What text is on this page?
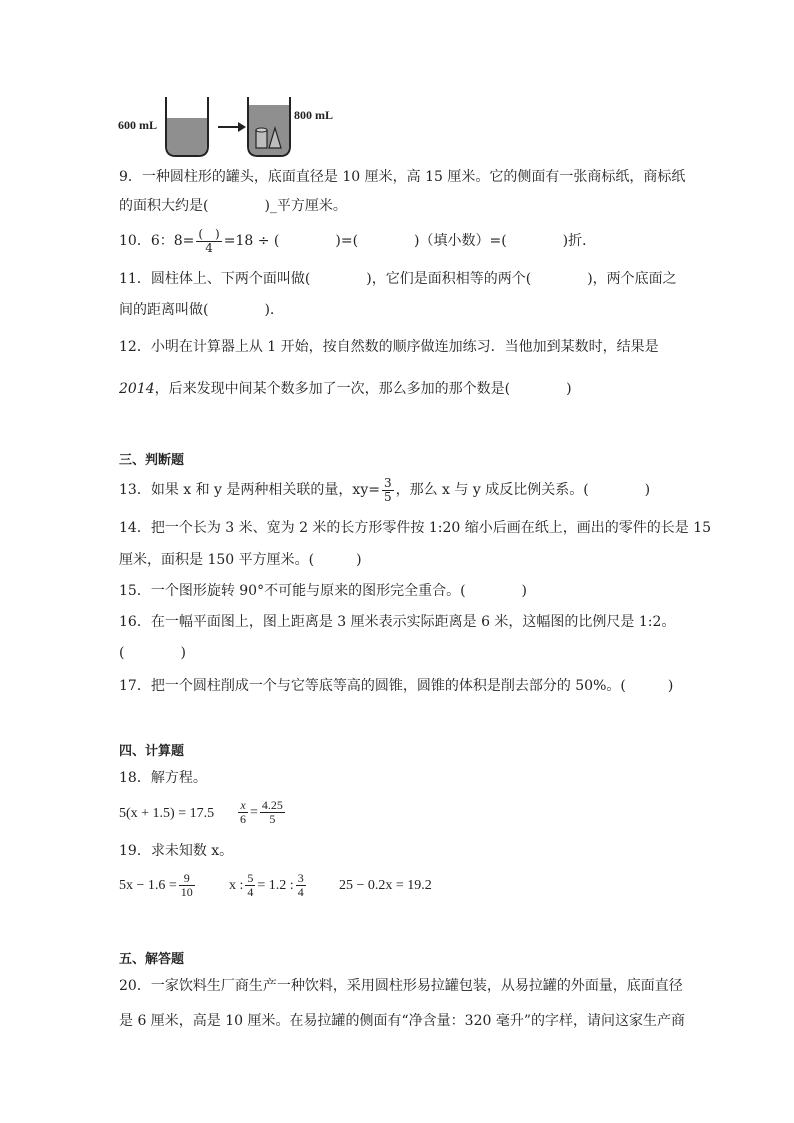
600 mL
800 mL
9．一种圆柱形的罐头，底面直径是 10 厘米，高 15 厘米。它的侧面有一张商标纸，商标纸
的面积大约是(　　　　)_平方厘米。
10．6：$8= \frac{( )}{4} =18$ ÷ (　　　　)=(　　　　)（填小数）=(　　　　)折．
11．圆柱体上、下两个面叫做(　　　　)，它们是面积相等的两个(　　　　)，两个底面之
间的距离叫做(　　　　).
12．小明在计算器上从 1 开始，按自然数的顺序做连加练习．当他加到某数时，结果是
2014，后来发现中间某个数多加了一次，那么多加的那个数是(　　　　)
三、判断题
13．如果 x 和 y 是两种相关联的量，$xy= \frac{3}{5}$ ，那么 x 与 y 成反比例关系。(　　　　)
14．把一个长为 3 米、宽为 2 米的长方形零件按 1:20 缩小后画在纸上，画出的零件的长是 15
厘米，面积是 150 平方厘米。(　　　)
15．一个图形旋转 90°不可能与原来的图形完全重合。(　　　　)
16．在一幅平面图上，图上距离是 3 厘米表示实际距离是 6 米，这幅图的比例尺是 1:2。
(　　　　)
17．把一个圆柱削成一个与它等底等高的圆锥，圆锥的体积是削去部分的 50%。(　　　)
四、计算题
18．解方程。
$5(x + 1.5) = 17.5 \frac{x}{6} = \frac{4.25}{5}$
19．求未知数 x。
$5x - 1.6 = \frac{9}{10}$ x : $\frac{5}{4} = 1.2$ : $\frac{3}{4} 25 - 0.2x = 19.2$
五、解答题
20．一家饮料生厂商生产一种饮料，采用圆柱形易拉罐包装，从易拉罐的外面量，底面直径
是 6 厘米，高是 10 厘米。在易拉罐的侧面有“净含量：320 毫升”的字样，请问这家生产商
